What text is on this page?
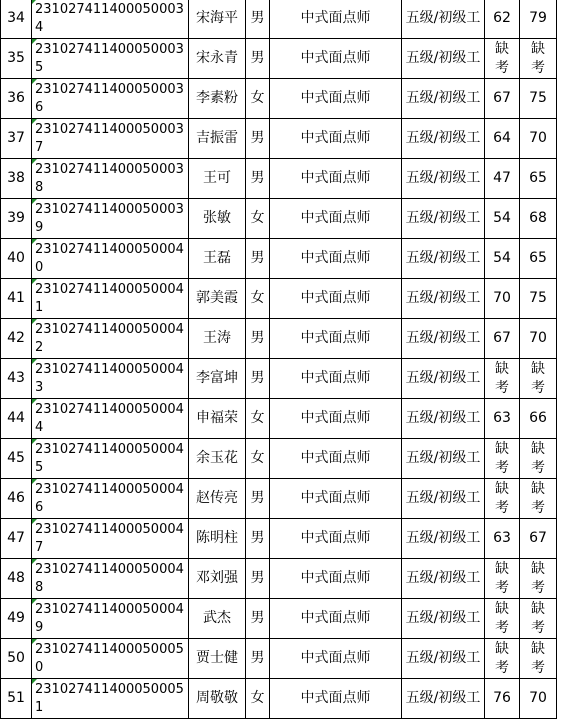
34	231027411400050003 4	宋海平	男	中式面点师	五级/初级工	62	79

35	231027411400050003 5	宋永青	男	中式面点师	五级/初级工	缺考	缺考

36	231027411400050003 6	李素粉	女	中式面点师	五级/初级工	67	75

37	231027411400050003 7	吉振雷	男	中式面点师	五级/初级工	64	70

38	231027411400050003 8	王可	男	中式面点师	五级/初级工	47	65

39	231027411400050003 9	张敏	女	中式面点师	五级/初级工	54	68

40	231027411400050004 0	王磊	男	中式面点师	五级/初级工	54	65

41	231027411400050004 1	郭美霞	女	中式面点师	五级/初级工	70	75

42	231027411400050004 2	王涛	男	中式面点师	五级/初级工	67	70

43	231027411400050004 3	李富坤	男	中式面点师	五级/初级工	缺考	缺考

44	231027411400050004 4	申福荣	女	中式面点师	五级/初级工	63	66

45	231027411400050004 5	余玉花	女	中式面点师	五级/初级工	缺考	缺考

46	231027411400050004 6	赵传亮	男	中式面点师	五级/初级工	缺考	缺考

47	231027411400050004 7	陈明柱	男	中式面点师	五级/初级工	63	67

48	231027411400050004 8	邓刘强	男	中式面点师	五级/初级工	缺考	缺考

49	231027411400050004 9	武杰	男	中式面点师	五级/初级工	缺考	缺考

50	231027411400050005 0	贾士健	男	中式面点师	五级/初级工	缺考	缺考

51	231027411400050005 1	周敬敬	女	中式面点师	五级/初级工	76	70
